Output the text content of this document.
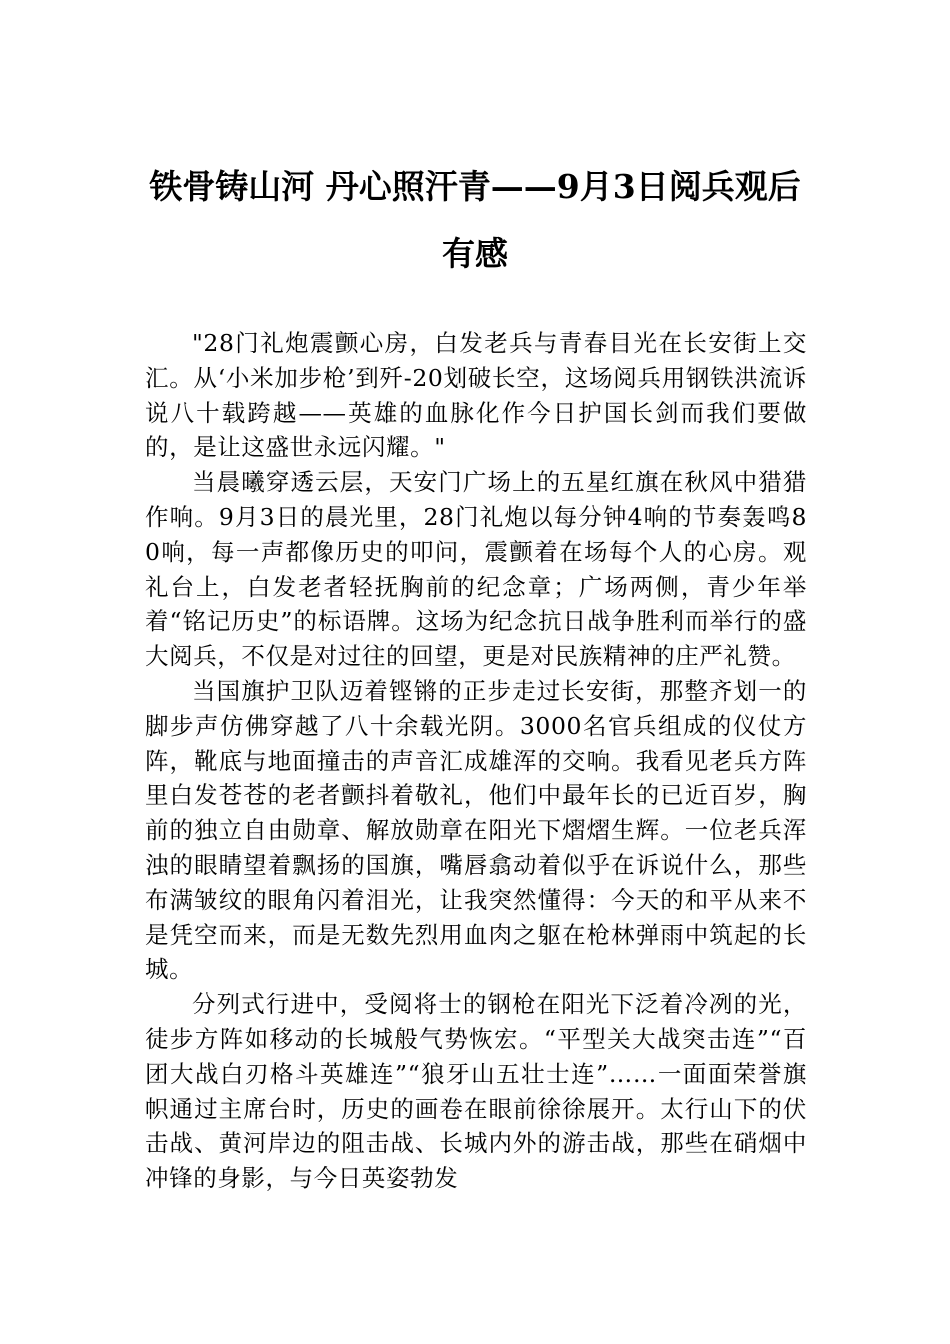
铁骨铸山河 丹心照汗青——9月3日阅兵观后有感

"28门礼炮震颤心房，白发老兵与青春目光在长安街上交汇。从‘小米加步枪’到歼-20划破长空，这场阅兵用钢铁洪流诉说八十载跨越——英雄的血脉化作今日护国长剑而我们要做的，是让这盛世永远闪耀。"

当晨曦穿透云层，天安门广场上的五星红旗在秋风中猎猎作响。9月3日的晨光里，28门礼炮以每分钟4响的节奏轰鸣80响，每一声都像历史的叩问，震颤着在场每个人的心房。观礼台上，白发老者轻抚胸前的纪念章；广场两侧，青少年举着“铭记历史”的标语牌。这场为纪念抗日战争胜利而举行的盛大阅兵，不仅是对过往的回望，更是对民族精神的庄严礼赞。

当国旗护卫队迈着铿锵的正步走过长安街，那整齐划一的脚步声仿佛穿越了八十余载光阴。3000名官兵组成的仪仗方阵，靴底与地面撞击的声音汇成雄浑的交响。我看见老兵方阵里白发苍苍的老者颤抖着敬礼，他们中最年长的已近百岁，胸前的独立自由勋章、解放勋章在阳光下熠熠生辉。一位老兵浑浊的眼睛望着飘扬的国旗，嘴唇翕动着似乎在诉说什么，那些布满皱纹的眼角闪着泪光，让我突然懂得：今天的和平从来不是凭空而来，而是无数先烈用血肉之躯在枪林弹雨中筑起的长城。

分列式行进中，受阅将士的钢枪在阳光下泛着冷冽的光，徒步方阵如移动的长城般气势恢宏。“平型关大战突击连”“百团大战白刃格斗英雄连”“狼牙山五壮士连”……一面面荣誉旗帜通过主席台时，历史的画卷在眼前徐徐展开。太行山下的伏击战、黄河岸边的阻击战、长城内外的游击战，那些在硝烟中冲锋的身影，与今日英姿勃发
